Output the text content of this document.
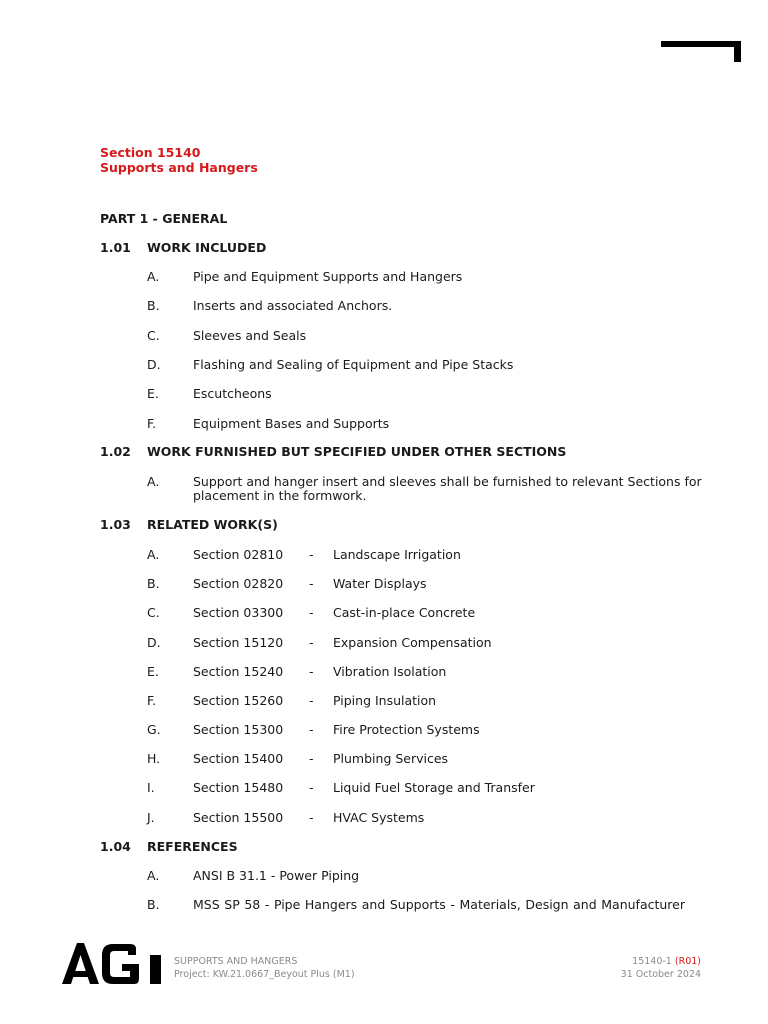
Section 15140
Supports and Hangers
PART 1 - GENERAL
1.01 WORK INCLUDED
A.	Pipe and Equipment Supports and Hangers
B.	Inserts and associated Anchors.
C.	Sleeves and Seals
D.	Flashing and Sealing of Equipment and Pipe Stacks
E.	Escutcheons
F.	Equipment Bases and Supports
1.02 WORK FURNISHED BUT SPECIFIED UNDER OTHER SECTIONS
A.	Support and hanger insert and sleeves shall be furnished to relevant Sections for
placement in the formwork.
1.03 RELATED WORK(S)
A.	Section 02810 - Landscape Irrigation
B.	Section 02820 - Water Displays
C.	Section 03300 - Cast-in-place Concrete
D.	Section 15120 - Expansion Compensation
E.	Section 15240 - Vibration Isolation
F.	Section 15260 - Piping Insulation
G.	Section 15300 - Fire Protection Systems
H.	Section 15400 - Plumbing Services
I.	Section 15480 - Liquid Fuel Storage and Transfer
J.	Section 15500 - HVAC Systems
1.04 REFERENCES
A.	ANSI B 31.1 - Power Piping
B.	MSS SP 58 - Pipe Hangers and Supports - Materials, Design and Manufacturer
SUPPORTS AND HANGERS
Project: KW.21.0667_Beyout Plus (M1)
15140-1 (R01)
31 October 2024
